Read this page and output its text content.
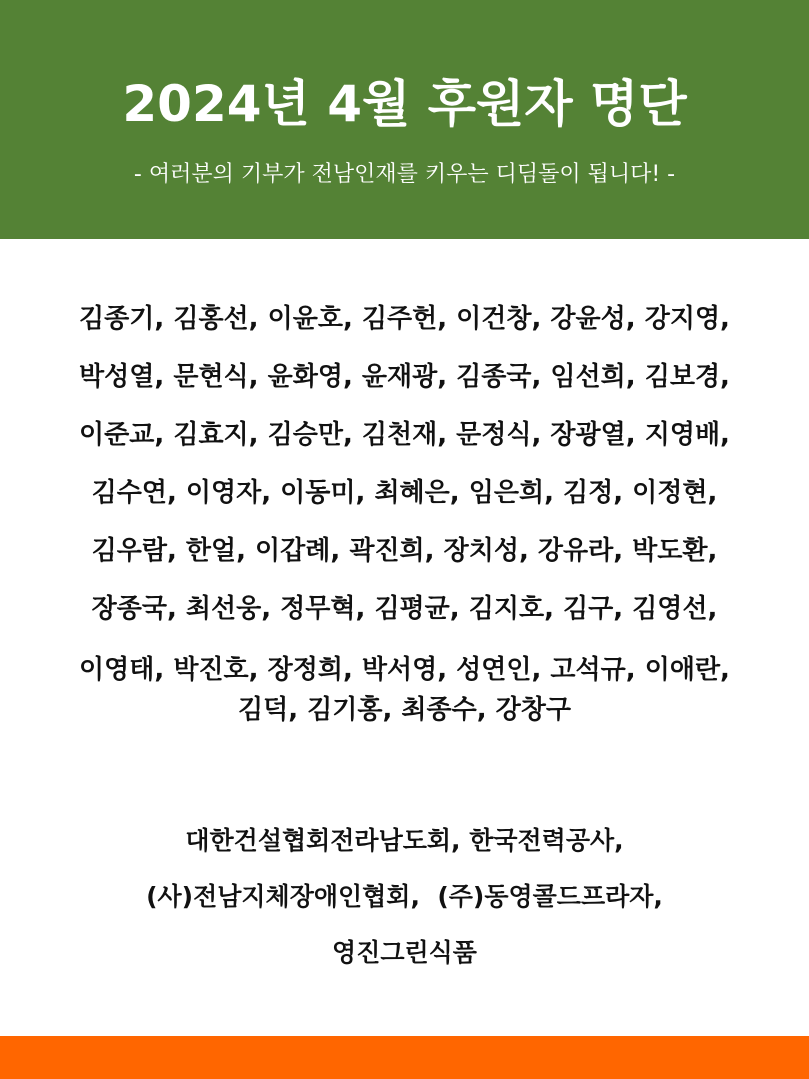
2024년 4월 후원자 명단
- 여러분의 기부가 전남인재를 키우는 디딤돌이 됩니다! -
김종기, 김홍선, 이윤호, 김주헌, 이건창, 강윤성, 강지영,
박성열, 문현식, 윤화영, 윤재광, 김종국, 임선희, 김보경,
이준교, 김효지, 김승만, 김천재, 문정식, 장광열, 지영배,
김수연, 이영자, 이동미, 최혜은, 임은희, 김정, 이정현,
김우람, 한얼, 이갑례, 곽진희, 장치성, 강유라, 박도환,
장종국, 최선웅, 정무혁, 김평균, 김지호, 김구, 김영선,
이영태, 박진호, 장정희, 박서영, 성연인, 고석규, 이애란,
김덕, 김기홍, 최종수, 강창구
대한건설협회전라남도회, 한국전력공사,
(사)전남지체장애인협회,  (주)동영콜드프라자,
영진그린식품
